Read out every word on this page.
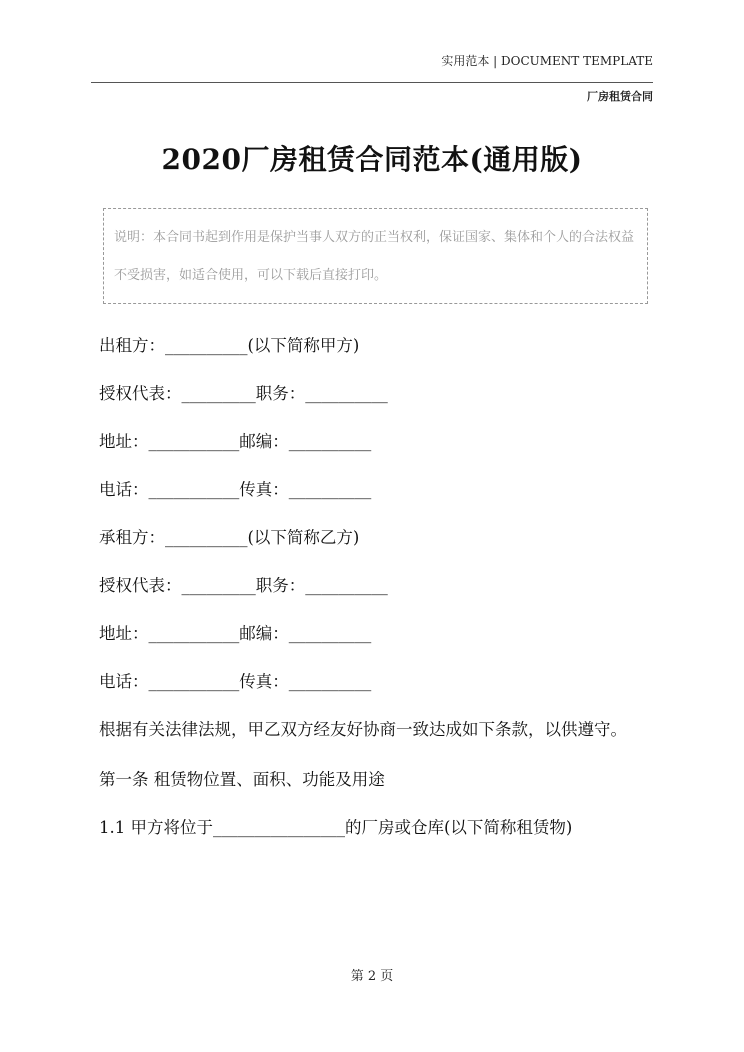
实用范本 | DOCUMENT TEMPLATE
厂房租赁合同
2020厂房租赁合同范本(通用版)
说明：本合同书起到作用是保护当事人双方的正当权利，保证国家、集体和个人的合法权益不受损害，如适合使用，可以下载后直接打印。

出租方：__________(以下简称甲方)

授权代表：_________职务：__________

地址：___________邮编：__________

电话：___________传真：__________

承租方：__________(以下简称乙方)

授权代表：_________职务：__________

地址：___________邮编：__________

电话：___________传真：__________

根据有关法律法规，甲乙双方经友好协商一致达成如下条款，以供遵守。

第一条 租赁物位置、面积、功能及用途

1.1 甲方将位于________________的厂房或仓库(以下简称租赁物)

第 2 页
